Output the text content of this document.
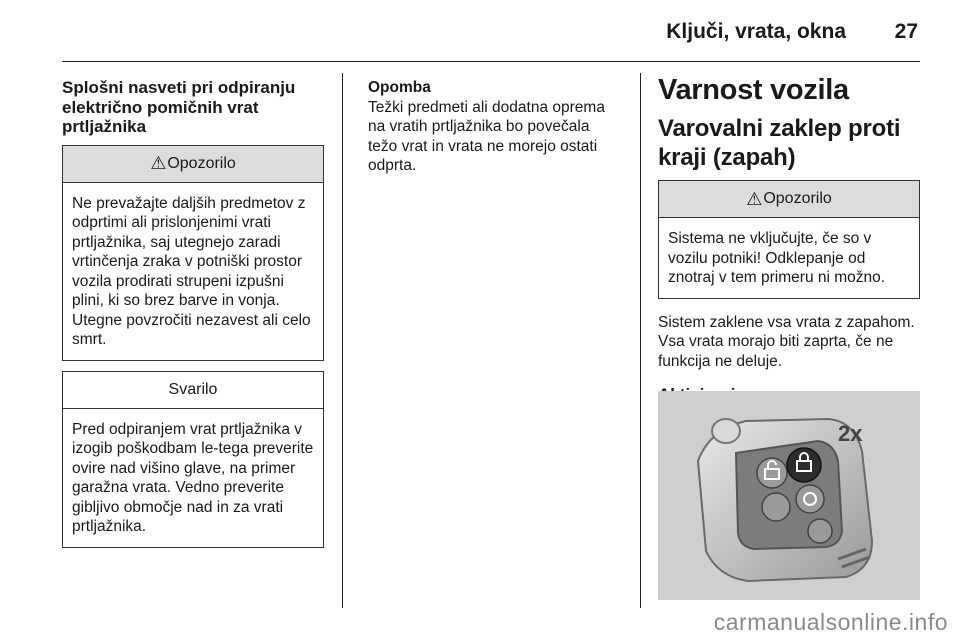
Ključi, vrata, okna 27
Splošni nasveti pri odpiranju električno pomičnih vrat prtljažnika
⚠ Opozorilo
Ne prevažajte daljših predmetov z odprtimi ali prislonjenimi vrati prtljažnika, saj utegnejo zaradi vrtinčenja zraka v potniški prostor vozila prodirati strupeni izpušni plini, ki so brez barve in vonja. Utegne povzročiti nezavest ali celo smrt.
Svarilo
Pred odpiranjem vrat prtljažnika v izogib poškodbam le-tega preverite ovire nad višino glave, na primer garažna vrata. Vedno preverite gibljivo območje nad in za vrati prtljažnika.
Opomba
Težki predmeti ali dodatna oprema na vratih prtljažnika bo povečala težo vrat in vrata ne morejo ostati odprta.
Varnost vozila
Varovalni zaklep proti kraji (zapah)
⚠ Opozorilo
Sistema ne vključujte, če so v vozilu potniki! Odklepanje od znotraj v tem primeru ni možno.
Sistem zaklene vsa vrata z zapahom. Vsa vrata morajo biti zaprta, če ne funkcija ne deluje.
2x
carmanualsonline.info
